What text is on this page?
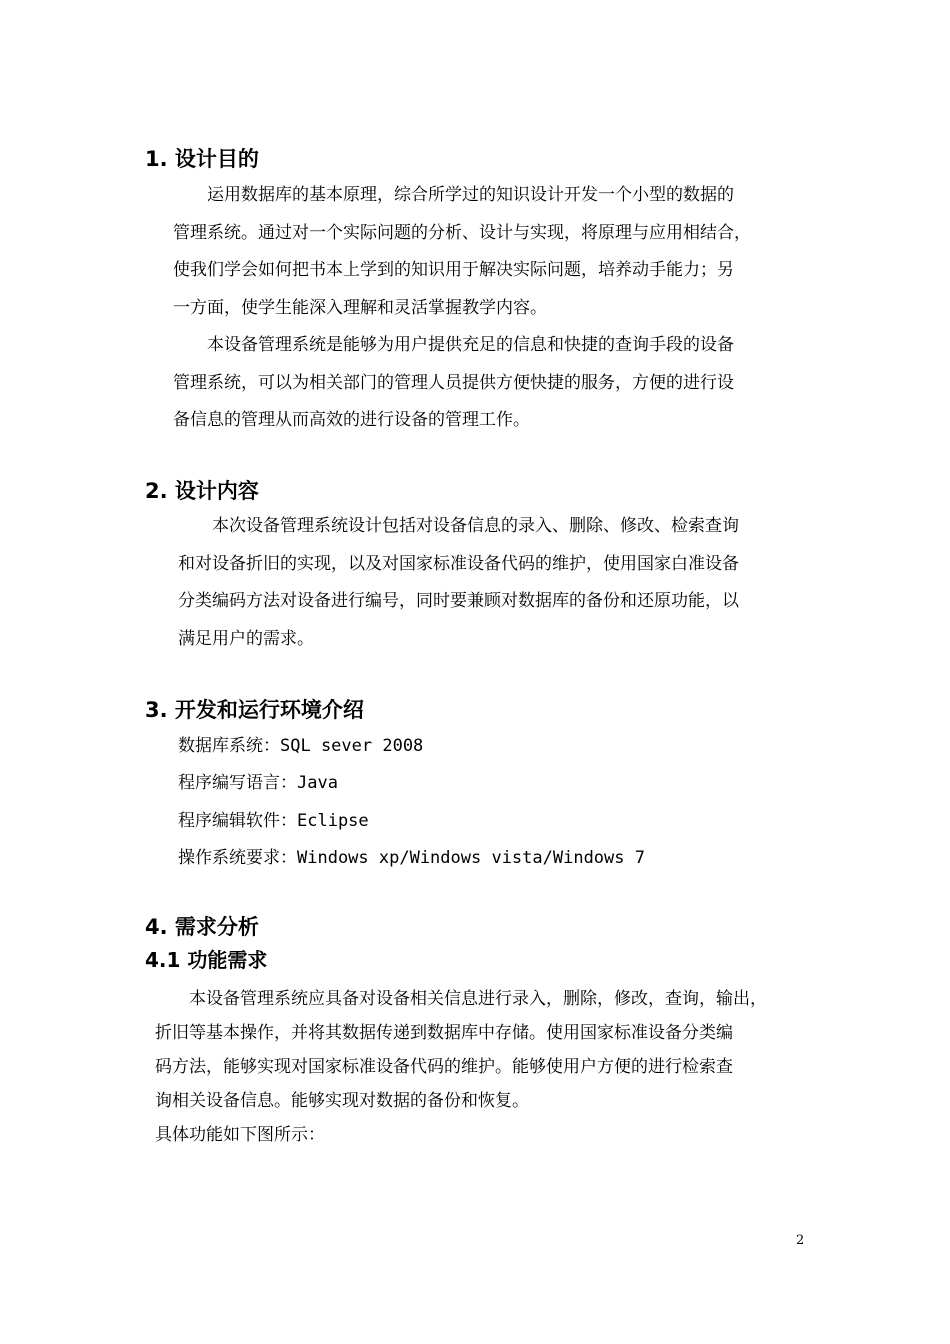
1. 设计目的
　　运用数据库的基本原理，综合所学过的知识设计开发一个小型的数据的
管理系统。通过对一个实际问题的分析、设计与实现，将原理与应用相结合，
使我们学会如何把书本上学到的知识用于解决实际问题，培养动手能力；另
一方面，使学生能深入理解和灵活掌握教学内容。
　　本设备管理系统是能够为用户提供充足的信息和快捷的查询手段的设备
管理系统，可以为相关部门的管理人员提供方便快捷的服务，方便的进行设
备信息的管理从而高效的进行设备的管理工作。
2. 设计内容
　　本次设备管理系统设计包括对设备信息的录入、删除、修改、检索查询
和对设备折旧的实现，以及对国家标准设备代码的维护，使用国家白准设备
分类编码方法对设备进行编号，同时要兼顾对数据库的备份和还原功能，以
满足用户的需求。
3. 开发和运行环境介绍
数据库系统：SQL sever 2008
程序编写语言：Java
程序编辑软件：Eclipse
操作系统要求：Windows xp/Windows vista/Windows 7
4. 需求分析
4.1 功能需求
　　本设备管理系统应具备对设备相关信息进行录入，删除，修改，查询，输出，
折旧等基本操作，并将其数据传递到数据库中存储。使用国家标准设备分类编
码方法，能够实现对国家标准设备代码的维护。能够使用户方便的进行检索查
询相关设备信息。能够实现对数据的备份和恢复。
具体功能如下图所示：
2
